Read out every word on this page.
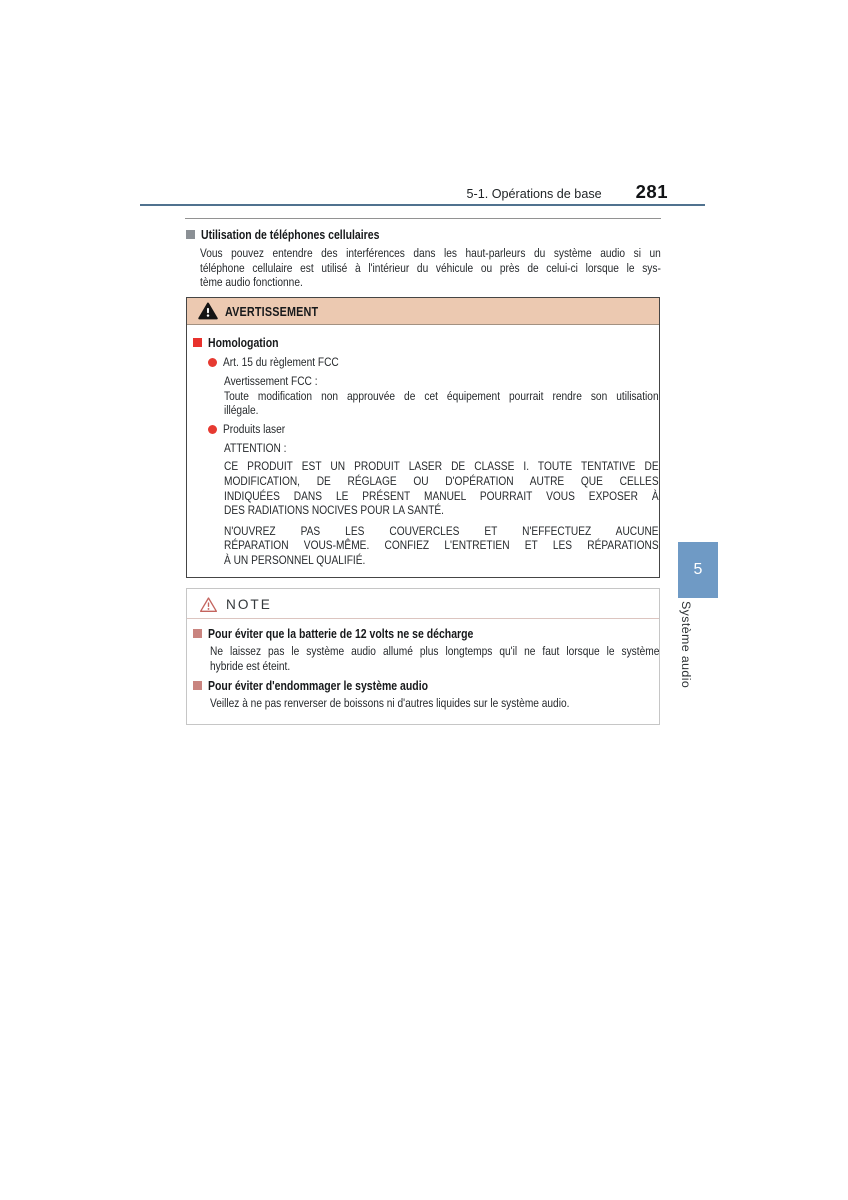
5-1. Opérations de base 281
Utilisation de téléphones cellulaires
Vous pouvez entendre des interférences dans les haut-parleurs du système audio si un
téléphone cellulaire est utilisé à l'intérieur du véhicule ou près de celui-ci lorsque le sys-
tème audio fonctionne.
AVERTISSEMENT
Homologation
Art. 15 du règlement FCC
Avertissement FCC :
Toute modification non approuvée de cet équipement pourrait rendre son utilisation
illégale.
Produits laser
ATTENTION :
CE PRODUIT EST UN PRODUIT LASER DE CLASSE I. TOUTE TENTATIVE DE
MODIFICATION, DE RÉGLAGE OU D'OPÉRATION AUTRE QUE CELLES
INDIQUÉES DANS LE PRÉSENT MANUEL POURRAIT VOUS EXPOSER À
DES RADIATIONS NOCIVES POUR LA SANTÉ.
N'OUVREZ PAS LES COUVERCLES ET N'EFFECTUEZ AUCUNE
RÉPARATION VOUS-MÊME. CONFIEZ L'ENTRETIEN ET LES RÉPARATIONS
À UN PERSONNEL QUALIFIÉ.
NOTE
Pour éviter que la batterie de 12 volts ne se décharge
Ne laissez pas le système audio allumé plus longtemps qu'il ne faut lorsque le système
hybride est éteint.
Pour éviter d'endommager le système audio
Veillez à ne pas renverser de boissons ni d'autres liquides sur le système audio.
5
Système audio
